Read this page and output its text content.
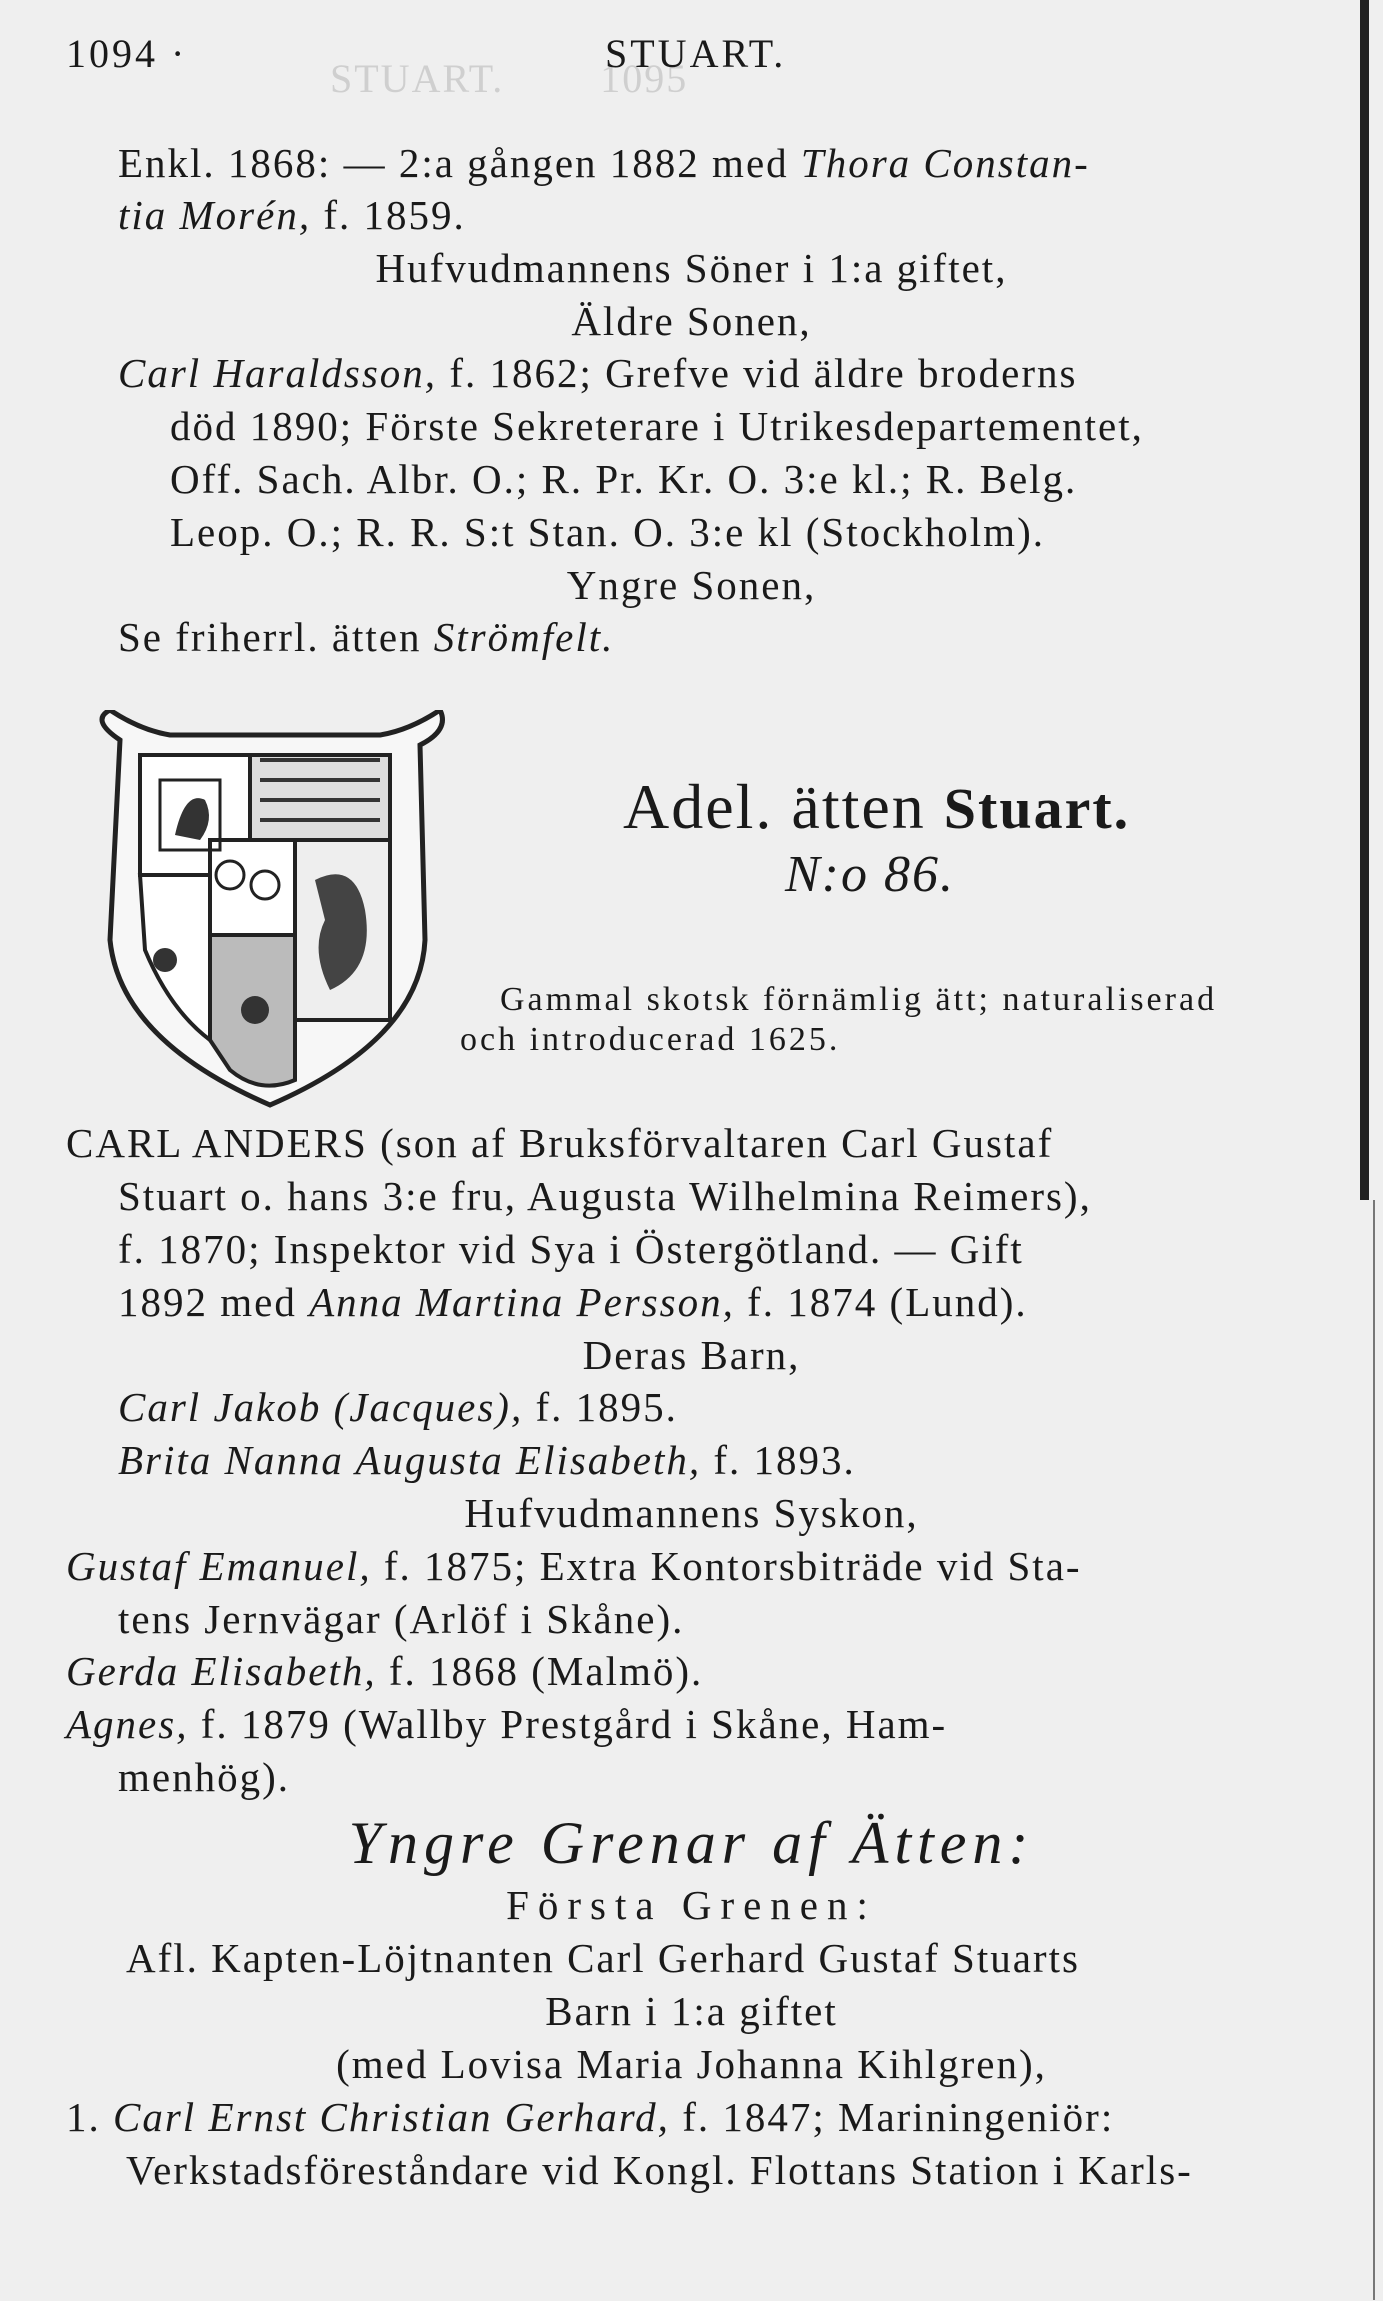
STUART.        1095
1094 ·	STUART.
Enkl. 1868: — 2:a gången 1882 med Thora Constan-
tia Morén, f. 1859.
Hufvudmannens Söner i 1:a giftet,
Äldre Sonen,
Carl Haraldsson, f. 1862; Grefve vid äldre broderns
död 1890; Förste Sekreterare i Utrikesdepartementet,
Off. Sach. Albr. O.; R. Pr. Kr. O. 3:e kl.; R. Belg.
Leop. O.; R. R. S:t Stan. O. 3:e kl (Stockholm).
Yngre Sonen,
Se friherrl. ätten Strömfelt.
Adel. ätten Stuart.
N:o 86.
Gammal skotsk förnämlig ätt; naturaliserad
och introducerad 1625.
CARL ANDERS (son af Bruksförvaltaren Carl Gustaf
Stuart o. hans 3:e fru, Augusta Wilhelmina Reimers),
f. 1870; Inspektor vid Sya i Östergötland. — Gift
1892 med Anna Martina Persson, f. 1874 (Lund).
Deras Barn,
Carl Jakob (Jacques), f. 1895.
Brita Nanna Augusta Elisabeth, f. 1893.
Hufvudmannens Syskon,
Gustaf Emanuel, f. 1875; Extra Kontorsbiträde vid Sta-
tens Jernvägar (Arlöf i Skåne).
Gerda Elisabeth, f. 1868 (Malmö).
Agnes, f. 1879 (Wallby Prestgård i Skåne, Ham-
menhög).
Yngre Grenar af Ätten:
Första Grenen:
Afl. Kapten-Löjtnanten Carl Gerhard Gustaf Stuarts
Barn i 1:a giftet
(med Lovisa Maria Johanna Kihlgren),
1. Carl Ernst Christian Gerhard, f. 1847; Mariningeniör:
Verkstadsföreståndare vid Kongl. Flottans Station i Karls-
